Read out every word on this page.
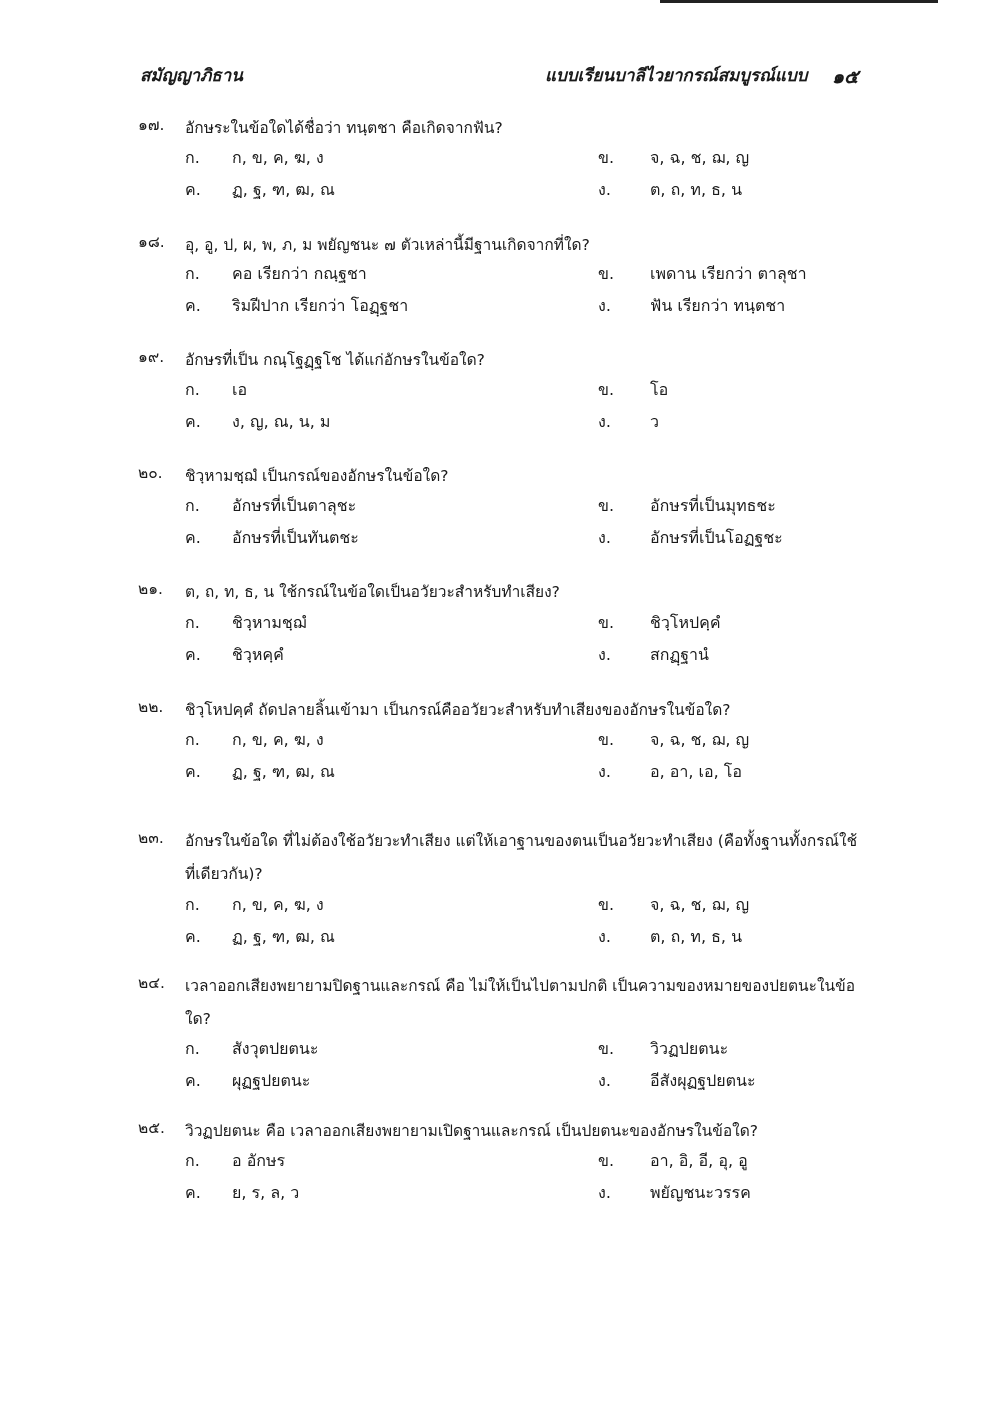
สมัญญาภิธาน	แบบเรียนบาลีไวยากรณ์สมบูรณ์แบบ ๑๕
๑๗. อักษระในข้อใดได้ชื่อว่า ทนฺตชา คือเกิดจากฟัน?
ก. ก, ข, ค, ฆ, ง	ข. จ, ฉ, ช, ฌ, ญ
ค. ฏ, ฐ, ฑ, ฒ, ณ	ง. ต, ถ, ท, ธ, น
๑๘. อุ, อู, ป, ผ, พ, ภ, ม พยัญชนะ ๗ ตัวเหล่านี้มีฐานเกิดจากที่ใด?
ก. คอ เรียกว่า กณฺฐชา	ข. เพดาน เรียกว่า ตาลุชา
ค. ริมฝีปาก เรียกว่า โอฏฺฐชา	ง. ฟัน เรียกว่า ทนฺตชา
๑๙. อักษรที่เป็น กณฺโฐฏฺฐโช ได้แก่อักษรในข้อใด?
ก. เอ	ข. โอ
ค. ง, ญ, ณ, น, ม	ง. ว
๒๐. ชิวฺหามชฺฌํ เป็นกรณ์ของอักษรในข้อใด?
ก. อักษรที่เป็นตาลุชะ	ข. อักษรที่เป็นมุทธชะ
ค. อักษรที่เป็นทันตชะ	ง. อักษรที่เป็นโอฏฐชะ
๒๑. ต, ถ, ท, ธ, น ใช้กรณ์ในข้อใดเป็นอวัยวะสำหรับทำเสียง?
ก. ชิวฺหามชฺฌํ	ข. ชิวฺโหปคฺคํ
ค. ชิวฺหคฺคํ	ง. สกฏฺฐานํ
๒๒. ชิวฺโหปคฺคํ ถัดปลายลิ้นเข้ามา เป็นกรณ์คืออวัยวะสำหรับทำเสียงของอักษรในข้อใด?
ก. ก, ข, ค, ฆ, ง	ข. จ, ฉ, ช, ฌ, ญ
ค. ฏ, ฐ, ฑ, ฒ, ณ	ง. อ, อา, เอ, โอ
๒๓. อักษรในข้อใด ที่ไม่ต้องใช้อวัยวะทำเสียง แต่ให้เอาฐานของตนเป็นอวัยวะทำเสียง (คือทั้งฐานทั้งกรณ์ใช้ที่เดียวกัน)?
ก. ก, ข, ค, ฆ, ง	ข. จ, ฉ, ช, ฌ, ญ
ค. ฏ, ฐ, ฑ, ฒ, ณ	ง. ต, ถ, ท, ธ, น
๒๔. เวลาออกเสียงพยายามปิดฐานและกรณ์ คือ ไม่ให้เป็นไปตามปกติ เป็นความของหมายของปยตนะในข้อใด?
ก. สังวุตปยตนะ	ข. วิวฏปยตนะ
ค. ผุฏฐปยตนะ	ง. อีสังผุฏฐปยตนะ
๒๕. วิวฏปยตนะ คือ เวลาออกเสียงพยายามเปิดฐานและกรณ์ เป็นปยตนะของอักษรในข้อใด?
ก. อ อักษร	ข. อา, อิ, อี, อุ, อู
ค. ย, ร, ล, ว	ง. พยัญชนะวรรค
